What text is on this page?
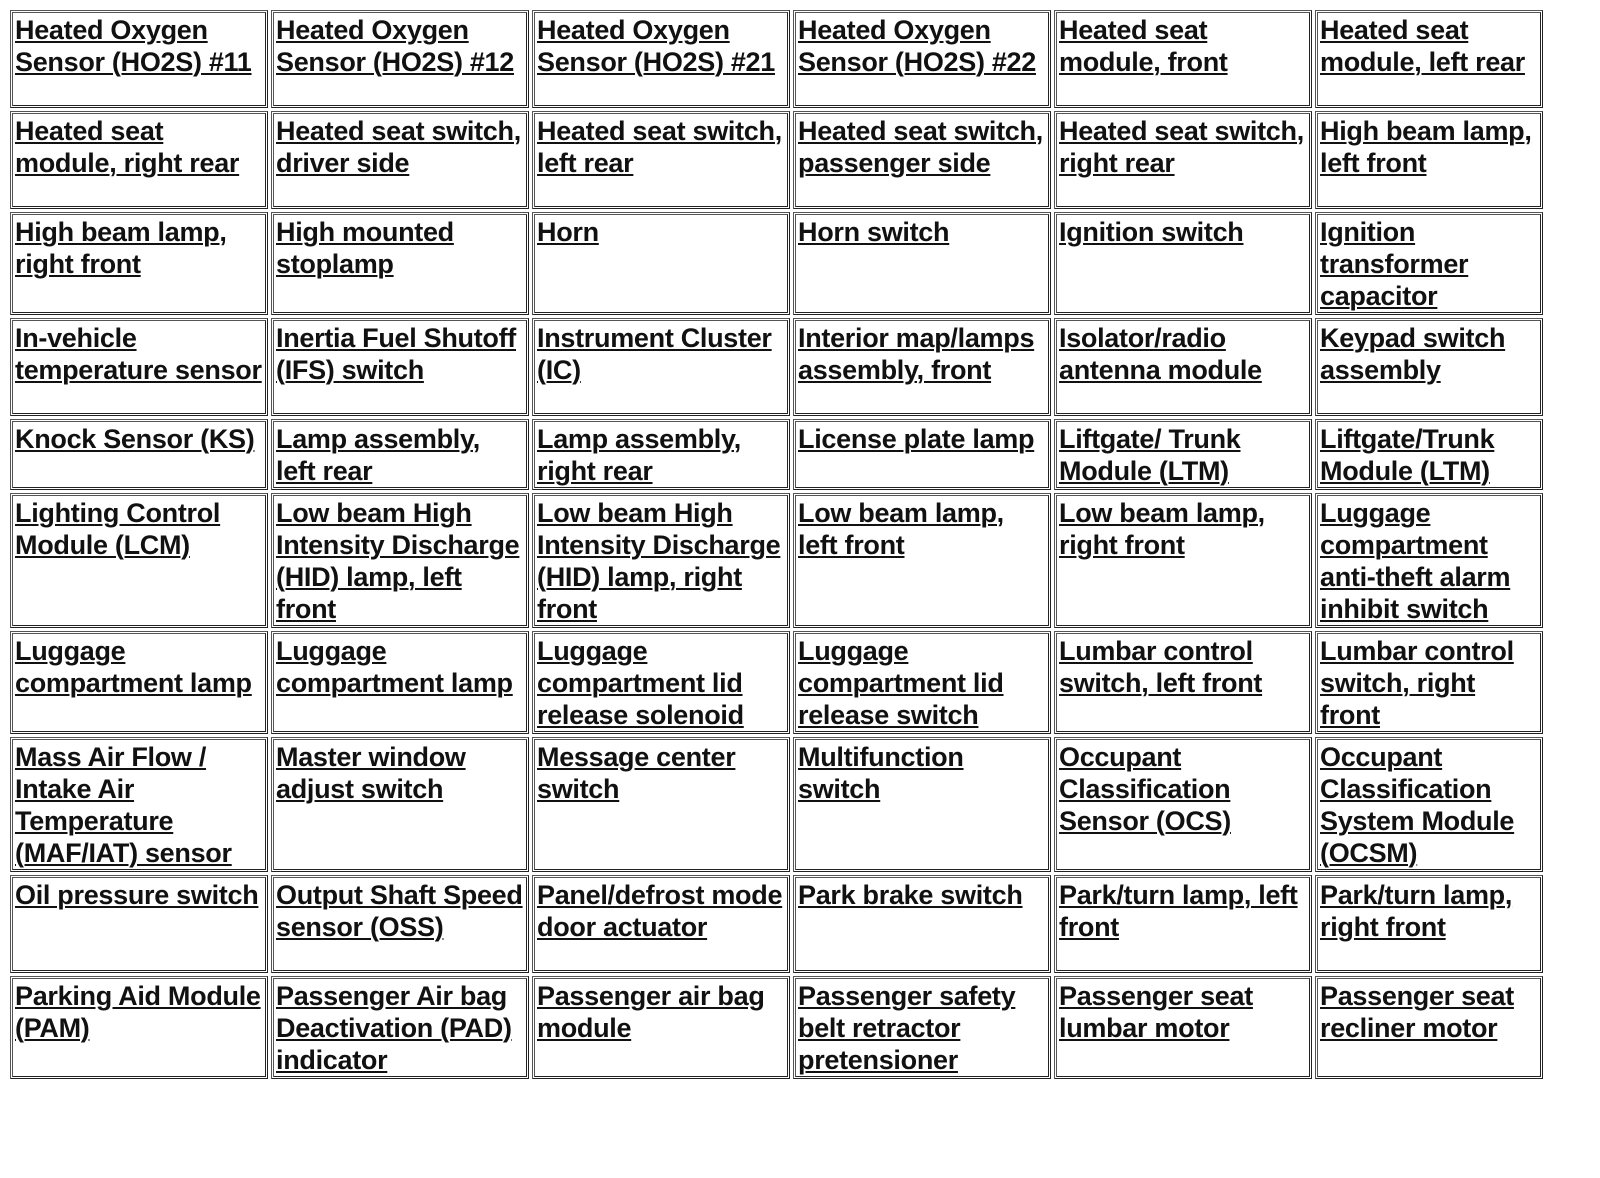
Heated Oxygen Sensor (HO2S) #11	Heated Oxygen Sensor (HO2S) #12	Heated Oxygen Sensor (HO2S) #21	Heated Oxygen Sensor (HO2S) #22	Heated seat module, front	Heated seat module, left rear
Heated seat module, right rear	Heated seat switch, driver side	Heated seat switch, left rear	Heated seat switch, passenger side	Heated seat switch, right rear	High beam lamp, left front
High beam lamp, right front	High mounted stoplamp	Horn	Horn switch	Ignition switch	Ignition transformer capacitor
In-vehicle temperature sensor	Inertia Fuel Shutoff (IFS) switch	Instrument Cluster (IC)	Interior map/lamps assembly, front	Isolator/radio antenna module	Keypad switch assembly
Knock Sensor (KS)	Lamp assembly, left rear	Lamp assembly, right rear	License plate lamp	Liftgate/ Trunk Module (LTM)	Liftgate/Trunk Module (LTM)
Lighting Control Module (LCM)	Low beam High Intensity Discharge (HID) lamp, left front	Low beam High Intensity Discharge (HID) lamp, right front	Low beam lamp, left front	Low beam lamp, right front	Luggage compartment anti-theft alarm inhibit switch
Luggage compartment lamp	Luggage compartment lamp	Luggage compartment lid release solenoid	Luggage compartment lid release switch	Lumbar control switch, left front	Lumbar control switch, right front
Mass Air Flow / Intake Air Temperature (MAF/IAT) sensor	Master window adjust switch	Message center switch	Multifunction switch	Occupant Classification Sensor (OCS)	Occupant Classification System Module (OCSM)
Oil pressure switch	Output Shaft Speed sensor (OSS)	Panel/defrost mode door actuator	Park brake switch	Park/turn lamp, left front	Park/turn lamp, right front
Parking Aid Module (PAM)	Passenger Air bag Deactivation (PAD) indicator	Passenger air bag module	Passenger safety belt retractor pretensioner	Passenger seat lumbar motor	Passenger seat recliner motor
